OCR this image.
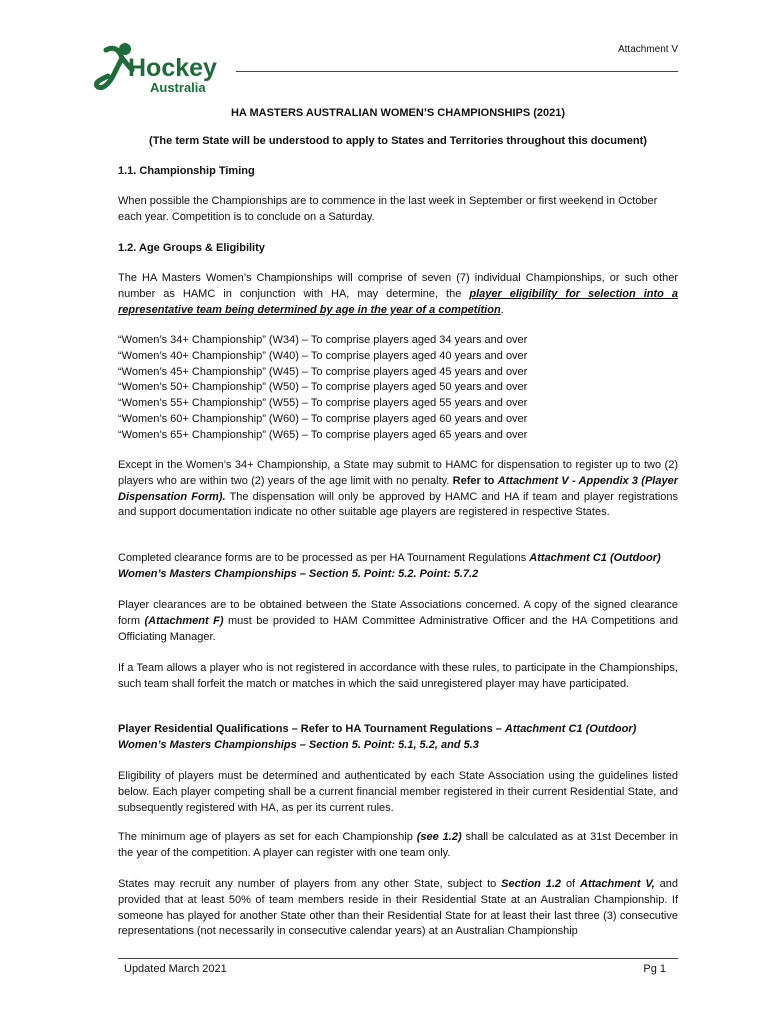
Hockey
Australia
Attachment V
HA MASTERS AUSTRALIAN WOMEN’S CHAMPIONSHIPS (2021)
(The term State will be understood to apply to States and Territories throughout this document)
1.1. Championship Timing
When possible the Championships are to commence in the last week in September or first weekend in October
each year. Competition is to conclude on a Saturday.
1.2. Age Groups & Eligibility
The HA Masters Women’s Championships will comprise of seven (7) individual Championships, or such other number as HAMC in conjunction with HA, may determine, the player eligibility for selection into a representative team being determined by age in the year of a competition.
“Women’s 34+ Championship” (W34) – To comprise players aged 34 years and over
“Women’s 40+ Championship” (W40) – To comprise players aged 40 years and over
“Women’s 45+ Championship” (W45) – To comprise players aged 45 years and over
“Women’s 50+ Championship” (W50) – To comprise players aged 50 years and over
“Women’s 55+ Championship” (W55) – To comprise players aged 55 years and over
“Women’s 60+ Championship” (W60) – To comprise players aged 60 years and over
“Women’s 65+ Championship” (W65) – To comprise players aged 65 years and over
Except in the Women’s 34+ Championship, a State may submit to HAMC for dispensation to register up to two (2) players who are within two (2) years of the age limit with no penalty. Refer to Attachment V - Appendix 3 (Player Dispensation Form). The dispensation will only be approved by HAMC and HA if team and player registrations and support documentation indicate no other suitable age players are registered in respective States.
Completed clearance forms are to be processed as per HA Tournament Regulations Attachment C1 (Outdoor) Women’s Masters Championships – Section 5. Point: 5.2. Point: 5.7.2
Player clearances are to be obtained between the State Associations concerned. A copy of the signed clearance form (Attachment F) must be provided to HAM Committee Administrative Officer and the HA Competitions and Officiating Manager.
If a Team allows a player who is not registered in accordance with these rules, to participate in the Championships, such team shall forfeit the match or matches in which the said unregistered player may have participated.
Player Residential Qualifications – Refer to HA Tournament Regulations – Attachment C1 (Outdoor)
Women’s Masters Championships – Section 5. Point: 5.1, 5.2, and 5.3
Eligibility of players must be determined and authenticated by each State Association using the guidelines listed below. Each player competing shall be a current financial member registered in their current Residential State, and subsequently registered with HA, as per its current rules.
The minimum age of players as set for each Championship (see 1.2) shall be calculated as at 31st December in the year of the competition. A player can register with one team only.
States may recruit any number of players from any other State, subject to Section 1.2 of Attachment V, and provided that at least 50% of team members reside in their Residential State at an Australian Championship. If someone has played for another State other than their Residential State for at least their last three (3) consecutive representations (not necessarily in consecutive calendar years) at an Australian Championship
Updated March 2021	Pg 1
